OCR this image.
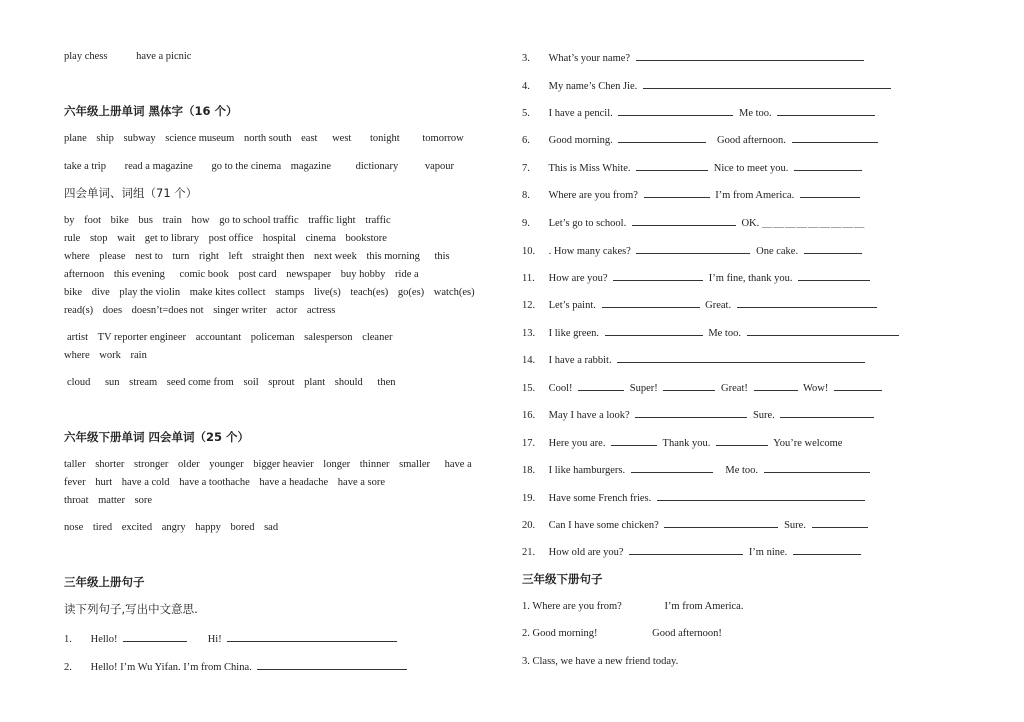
play chess	have a picnic
六年级上册单词 黑体字（16 个）
plane ship subway science museum north south east west tonight tomorrow
take a trip read a magazine go to the cinema magazine dictionary	vapour
四会单词、词组（71 个）
by foot bike bus train how go to school traffic traffic light traffic
rule stop wait get to library post office hospital cinema bookstore
where please nest to turn right left straight then next week this morning this
afternoon this evening comic book post card newspaper buy hobby ride a
bike dive play the violin make kites collect stamps live(s) teach(es) go(es) watch(es)
read(s) does doesn’t=does not singer writer actor actress
artist TV reporter engineer accountant policeman salesperson cleaner
where work rain
cloud sun stream seed come from soil sprout plant should then
六年级下册单词 四会单词（25 个）
taller shorter stronger older younger bigger heavier longer thinner smaller have a
fever hurt have a cold have a toothache have a headache have a sore
throat matter sore
nose tired excited angry happy bored sad
三年级上册句子
读下列句子,写出中文意思.
1. Hello!	Hi!
2. Hello! I’m Wu Yifan. I’m from China.
3. What’s your name?
4. My name’s Chen Jie.
5. I have a pencil.	Me too.
6. Good morning.	Good afternoon.
7. This is Miss White.	Nice to meet you.
8. Where are you from?	I’m from America.
9. Let’s go to school.	OK. ＿＿＿＿＿＿＿＿＿
10. . How many cakes?	One cake.
11. How are you?	I’m fine, thank you.
12. Let’s paint.	Great.
13. I like green.	Me too.
14. I have a rabbit.
15. Cool!	Super!	Great!	Wow!
16. May I have a look?	Sure.
17. Here you are.	Thank you.	You’re welcome
18. I like hamburgers.	Me too.
19. Have some French fries.
20. Can I have some chicken?	Sure.
21. How old are you?	I’m nine.
三年级下册句子
1. Where are you from?	I’m from America.
2. Good morning!	Good afternoon!
3. Class, we have a new friend today.
